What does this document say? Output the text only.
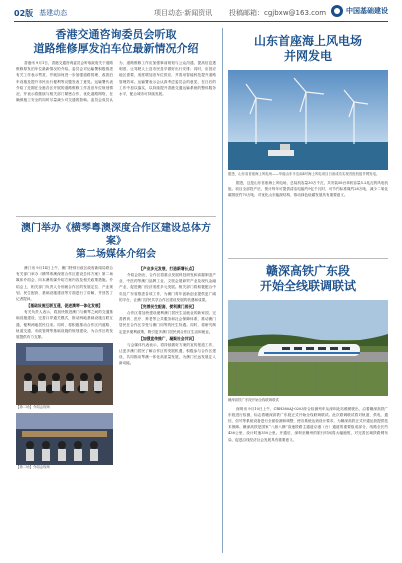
02版 基建动态	项目动态·新闻资讯 投稿邮箱：cgjbxw@163.com	中国基础建设
香港交通咨询委员会听取
道路维修厚发泊车位最新情况介绍

香港讯 9月1日，香港交通咨询委员会听取政府关于道路维修厚发泊车位最新情况的介绍。委员会对运输署积极推进有关工作表示赞赏，并就如何进一步加强道路管理、改善泊车设施及提升市民出行便利等议题发表了意见。运输署代表介绍了近期在全港各区开展的道路维修工作及泊车位规划情况，并表示将继续与相关部门紧密合作，优化道路网络，在确保施工安全的同时尽量减少对交通的影响。委员会成员认为，道路维修工作应加强事前规划与公众沟通，提高信息透明度，让驾驶人士及市民及早做好出行安排；同时，应因应地区需要，适度增加泊车位供应，并善用智能科技提升道路管理效率。运输署表示会认真考虑委员会的意见，在日后的工作中加以落实，以持续提升香港交通运输系统的整体服务水平，配合城市可持续发展。

澳门举办《横琴粤澳深度合作区建设总体方案》
第二场媒体介绍会

澳门讯 9月14日上午，澳门特别行政区政府新闻局联合有关部门举办《横琴粤澳深度合作区建设总体方案》第二场媒体介绍会，向本澳传媒介绍方案内容及相关政策措施。介绍会上，相关部门负责人分别就合作区的发展定位、产业规划、民生配套、基础设施建设等方面进行了讲解，并回答了记者提问。

【基础设施互联互通，促进澳琴一体化发展】

有关负责人表示，将加快推进澳门与横琴之间的交通基础设施建设，完善口岸通关模式，推动两地基础设施互联互通，便利两地居民往来。同时，将积极推动合作区内道路、轨道交通、市政管网等基础设施的规划建设，为合作区的发展提供有力支撑。

【第二场】介绍会现场
【第二场】介绍会现场
【产业多元发展，打造新增长点】

介绍会指出，合作区将重点发展科技研发和高端制造产业、中医药等澳门品牌工业、文旅会展商贸产业及现代金融产业，促进澳门经济适度多元发展。相关部门将积极配合中央及广东省推进各项工作，为澳门青年创新创业提供更广阔的平台，让澳门居民共享合作区建设发展的机遇和成果。

【完善民生配套，便利澳门居民】

合作区将加快建设便利澳门居民生活就业的新家园，完善教育、医疗、养老等公共服务和社会保障体系，推动澳门居民在合作区享受与澳门同等的民生待遇。同时，将研究制定更多便利政策，吸引更多澳门居民到合作区生活和就业。

【加强宣传推广，凝聚社会共识】

与会媒体代表表示，将持续做好方案的宣传报道工作，让更多澳门居民了解合作区的发展机遇，积极参与合作区建设，共同推动琴澳一体化高质量发展，为澳门长远发展注入新动能。

山东首座海上风电场
并网发电
据悉，山东省首座海上风电场——华能山东半岛南4号海上风电项目日前成功实现首批机组并网发电。

据悉，这是山东首座海上风电场，总装机容量30万千瓦，共安装58台单机容量5.2兆瓦的风电机组。项目全部投产后，预计每年可提供清洁电能约9亿千瓦时，可节约标准煤约28万吨，减少二氧化碳排放约70万吨，对优化山东能源结构、推动绿色低碳发展具有重要意义。

赣深高铁广东段
开始全线联调联试
赣深高铁广东段开始全线联调联试

深圳讯 9月10日上午，CRH380AJ-0203综合检测列车从深圳北站缓缓驶出，沿着赣深高铁广东段进行检测，标志着赣深高铁广东段正式开始全线联调联试。此次联调联试将对轨道、供电、通信、信号等系统设备进行全面检测和调整，使各系统达到设计要求，为赣深高铁正式开通运营提供技术保障。赣深高铁是国家“八纵八横”高速铁路主通道京港（台）通道的重要组成部分，线路全长约436公里，设计时速350公里。开通后，深圳至赣州的旅行时间将大幅缩短，对完善区域铁路网布局、促进沿线经济社会发展具有重要意义。
